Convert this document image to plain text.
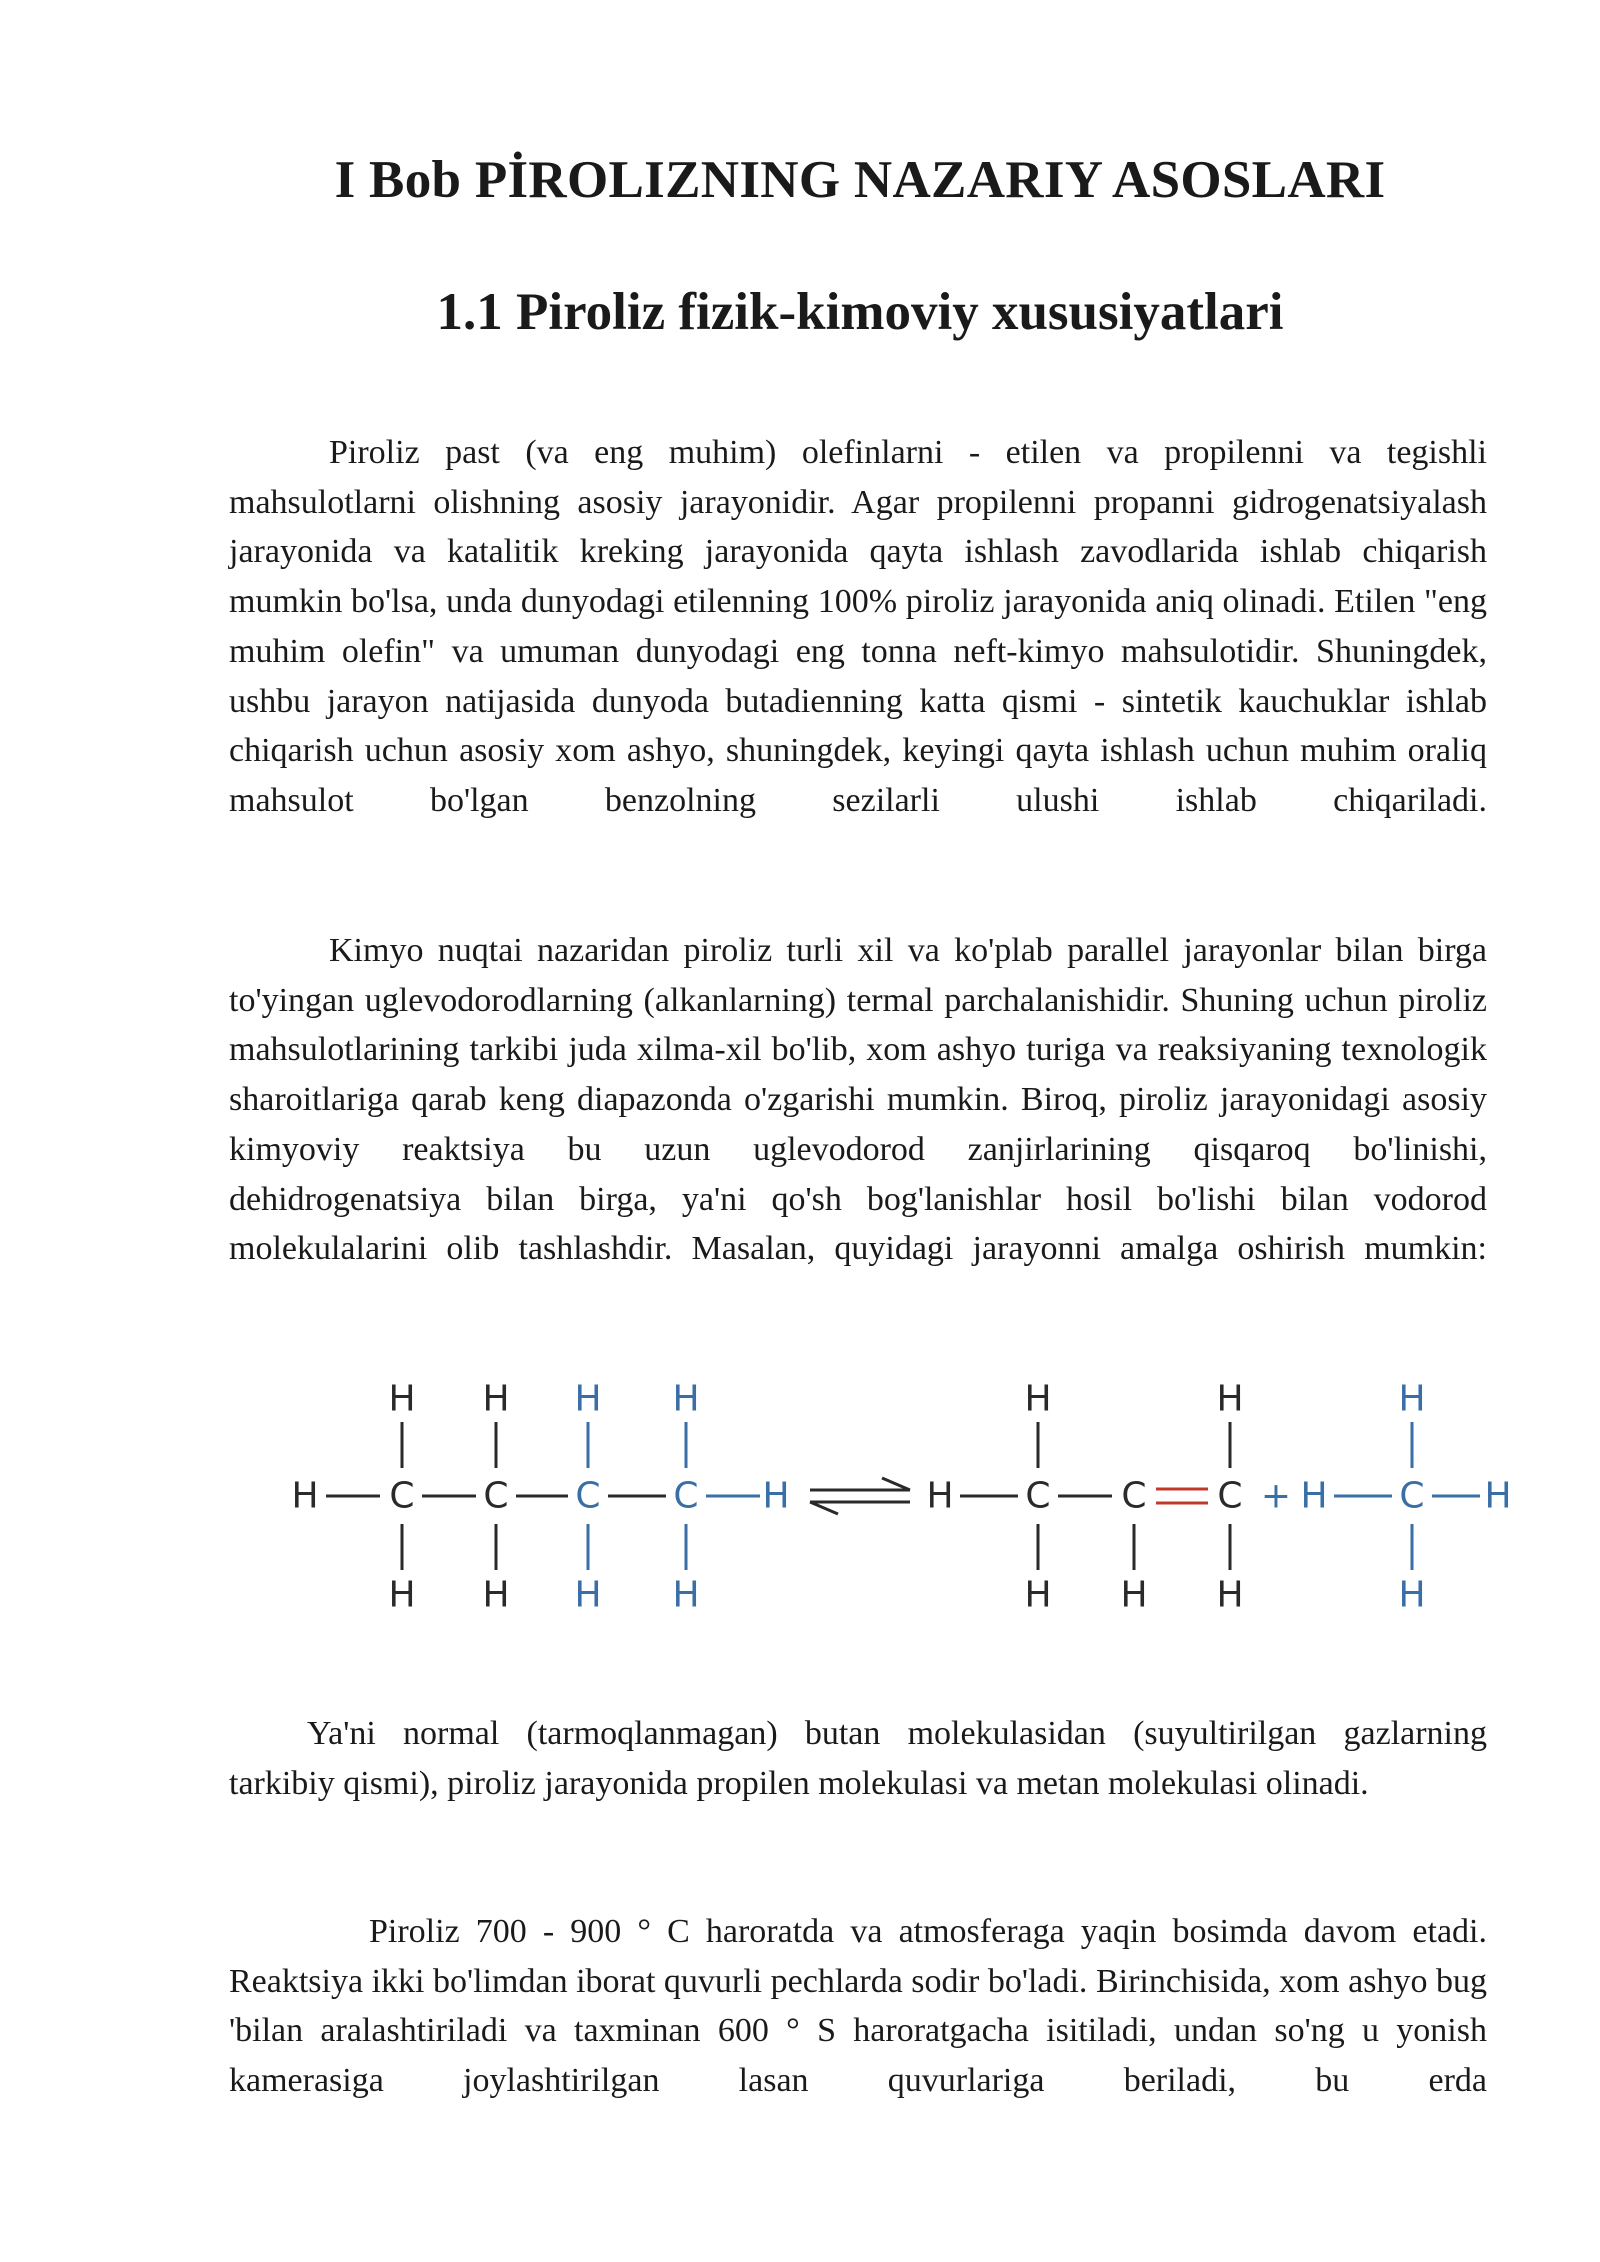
I Bob PİROLIZNING NAZARIY ASOSLARI
1.1 Piroliz fizik-kimoviy xususiyatlari

Piroliz past (va eng muhim) olefinlarni - etilen va propilenni va tegishli mahsulotlarni olishning asosiy jarayonidir. Agar propilenni propanni gidrogenatsiyalash jarayonida va katalitik kreking jarayonida qayta ishlash zavodlarida ishlab chiqarish mumkin bo'lsa, unda dunyodagi etilenning 100% piroliz jarayonida aniq olinadi. Etilen "eng muhim olefin" va umuman dunyodagi eng tonna neft-kimyo mahsulotidir. Shuningdek, ushbu jarayon natijasida dunyoda butadienning katta qismi - sintetik kauchuklar ishlab chiqarish uchun asosiy xom ashyo, shuningdek, keyingi qayta ishlash uchun muhim oraliq mahsulot bo'lgan benzolning sezilarli ulushi ishlab chiqariladi.

Kimyo nuqtai nazaridan piroliz turli xil va ko'plab parallel jarayonlar bilan birga to'yingan uglevodorodlarning (alkanlarning) termal parchalanishidir. Shuning uchun piroliz mahsulotlarining tarkibi juda xilma-xil bo'lib, xom ashyo turiga va reaksiyaning texnologik sharoitlariga qarab keng diapazonda o'zgarishi mumkin. Biroq, piroliz jarayonidagi asosiy kimyoviy reaktsiya bu uzun uglevodorod zanjirlarining qisqaroq bo'linishi, dehidrogenatsiya bilan birga, ya'ni qo'sh bog'lanishlar hosil bo'lishi bilan vodorod molekulalarini olib tashlashdir. Masalan, quyidagi jarayonni amalga oshirish mumkin:

H C
H
H
C
H
H
C
H
H
C
H
H
H	H C
H
H
C
H
C
H
H
+ H C
H
H
H

Ya'ni normal (tarmoqlanmagan) butan molekulasidan (suyultirilgan gazlarning tarkibiy qismi), piroliz jarayonida propilen molekulasi va metan molekulasi olinadi.

Piroliz 700 - 900 ° C haroratda va atmosferaga yaqin bosimda davom etadi. Reaktsiya ikki bo'limdan iborat quvurli pechlarda sodir bo'ladi. Birinchisida, xom ashyo bug 'bilan aralashtiriladi va taxminan 600 ° S haroratgacha isitiladi, undan so'ng u yonish kamerasiga joylashtirilgan lasan quvurlariga beriladi, bu erda
